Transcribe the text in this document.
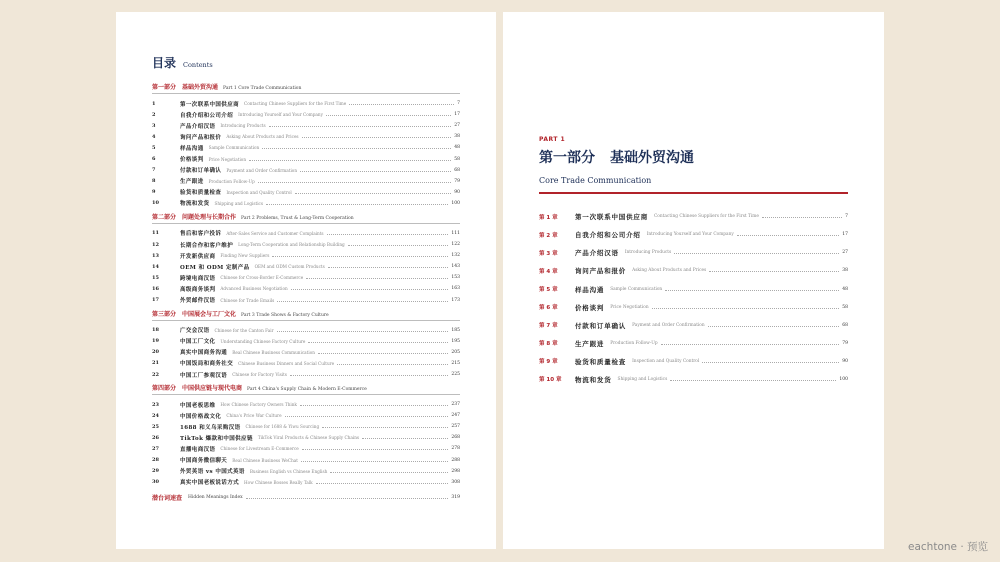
目录 Contents
第一部分　基础外贸沟通 Part 1 Core Trade Communication
1	第一次联系中国供应商 Contacting Chinese Suppliers for the First Time	7
2	自我介绍和公司介绍 Introducing Yourself and Your Company	17
3	产品介绍汉语 Introducing Products	27
4	询问产品和报价 Asking About Products and Prices	38
5	样品沟通 Sample Communication	48
6	价格谈判 Price Negotiation	58
7	付款和订单确认 Payment and Order Confirmation	68
8	生产跟进 Production Follow-Up	79
9	验货和质量检查 Inspection and Quality Control	90
10	物流和发货 Shipping and Logistics	100
第二部分　问题处理与长期合作 Part 2 Problems, Trust & Long-Term Cooperation
11	售后和客户投诉 After-Sales Service and Customer Complaints	111
12	长期合作和客户维护 Long-Term Cooperation and Relationship Building	122
13	开发新供应商 Finding New Suppliers	132
14	OEM 和 ODM 定制产品 OEM and ODM Custom Products	143
15	跨境电商汉语 Chinese for Cross-Border E-Commerce	153
16	高级商务谈判 Advanced Business Negotiation	163
17	外贸邮件汉语 Chinese for Trade Emails	173
第三部分　中国展会与工厂文化 Part 3 Trade Shows & Factory Culture
18	广交会汉语 Chinese for the Canton Fair	185
19	中国工厂文化 Understanding Chinese Factory Culture	195
20	真实中国商务沟通 Real Chinese Business Communication	205
21	中国饭局和商务社交 Chinese Business Dinners and Social Culture	215
22	中国工厂参观汉语 Chinese for Factory Visits	225
第四部分　中国供应链与现代电商 Part 4 China's Supply Chain & Modern E-Commerce
23	中国老板思维 How Chinese Factory Owners Think	237
24	中国价格战文化 China's Price War Culture	247
25	1688 和义乌采购汉语 Chinese for 1688 & Yiwu Sourcing	257
26	TikTok 爆款和中国供应链 TikTok Viral Products & Chinese Supply Chains	268
27	直播电商汉语 Chinese for Livestream E-Commerce	278
28	中国商务微信聊天 Real Chinese Business WeChat	288
29	外贸英语 vs 中国式英语 Business English vs Chinese English	298
30	真实中国老板说话方式 How Chinese Bosses Really Talk	308
潜台词速查 Hidden Meanings Index	319
PART 1
第一部分 基础外贸沟通
Core Trade Communication
第 1 章	第一次联系中国供应商 Contacting Chinese Suppliers for the First Time	7
第 2 章	自我介绍和公司介绍 Introducing Yourself and Your Company	17
第 3 章	产品介绍汉语 Introducing Products	27
第 4 章	询问产品和报价 Asking About Products and Prices	38
第 5 章	样品沟通 Sample Communication	48
第 6 章	价格谈判 Price Negotiation	58
第 7 章	付款和订单确认 Payment and Order Confirmation	68
第 8 章	生产跟进 Production Follow-Up	79
第 9 章	验货和质量检查 Inspection and Quality Control	90
第 10 章	物流和发货 Shipping and Logistics	100
eachtone · 预览
